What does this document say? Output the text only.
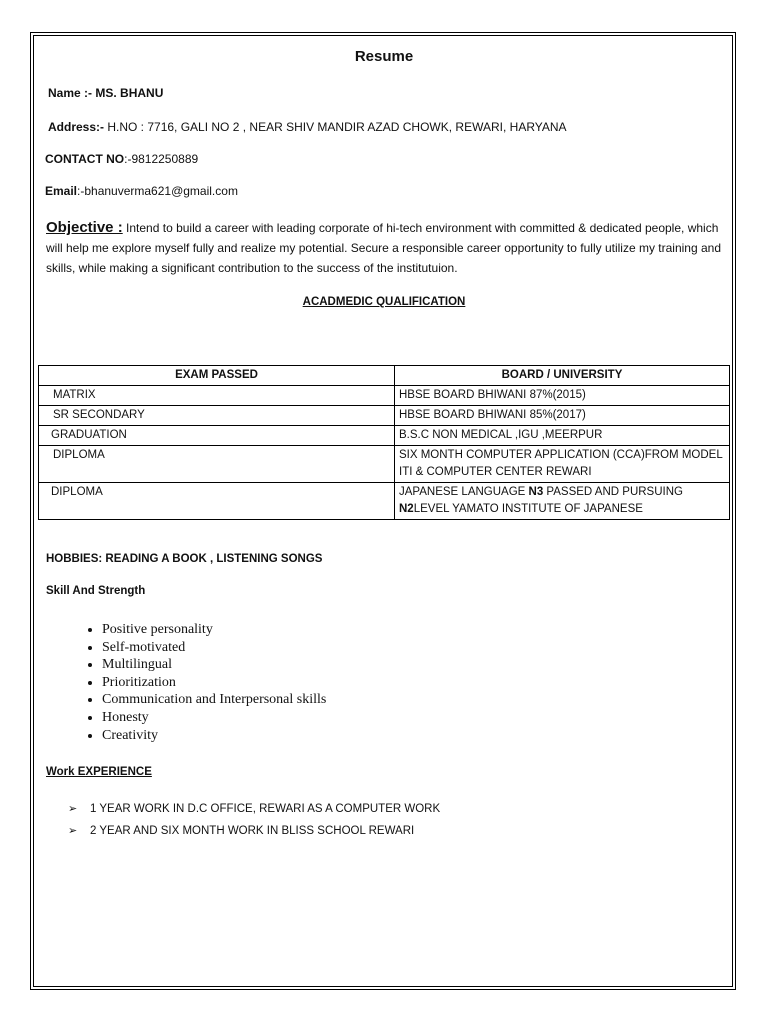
Resume
Name :- MS. BHANU
Address:- H.NO : 7716, GALI NO 2 , NEAR SHIV MANDIR AZAD CHOWK, REWARI, HARYANA
CONTACT NO:-9812250889
Email:-bhanuverma621@gmail.com
Objective : Intend to build a career with leading corporate of hi-tech environment with committed & dedicated people, which will help me explore myself fully and realize my potential. Secure a responsible career opportunity to fully utilize my training and skills, while making a significant contribution to the success of the institutuion.
ACADMEDIC QUALIFICATION
EXAM PASSED	BOARD / UNIVERSITY
MATRIX	HBSE BOARD BHIWANI 87%(2015)
SR SECONDARY	HBSE BOARD BHIWANI 85%(2017)
GRADUATION	B.S.C NON MEDICAL ,IGU ,MEERPUR
DIPLOMA	SIX MONTH COMPUTER APPLICATION (CCA)FROM MODEL ITI & COMPUTER CENTER REWARI
DIPLOMA	JAPANESE LANGUAGE N3 PASSED AND PURSUING N2LEVEL YAMATO INSTITUTE OF JAPANESE
HOBBIES: READING A BOOK , LISTENING SONGS
Skill And Strength
• Positive personality
• Self-motivated
• Multilingual
• Prioritization
• Communication and Interpersonal skills
• Honesty
• Creativity
Work EXPERIENCE
➢ 1 YEAR WORK IN D.C OFFICE, REWARI AS A COMPUTER WORK
➢ 2 YEAR AND SIX MONTH WORK IN BLISS SCHOOL REWARI
